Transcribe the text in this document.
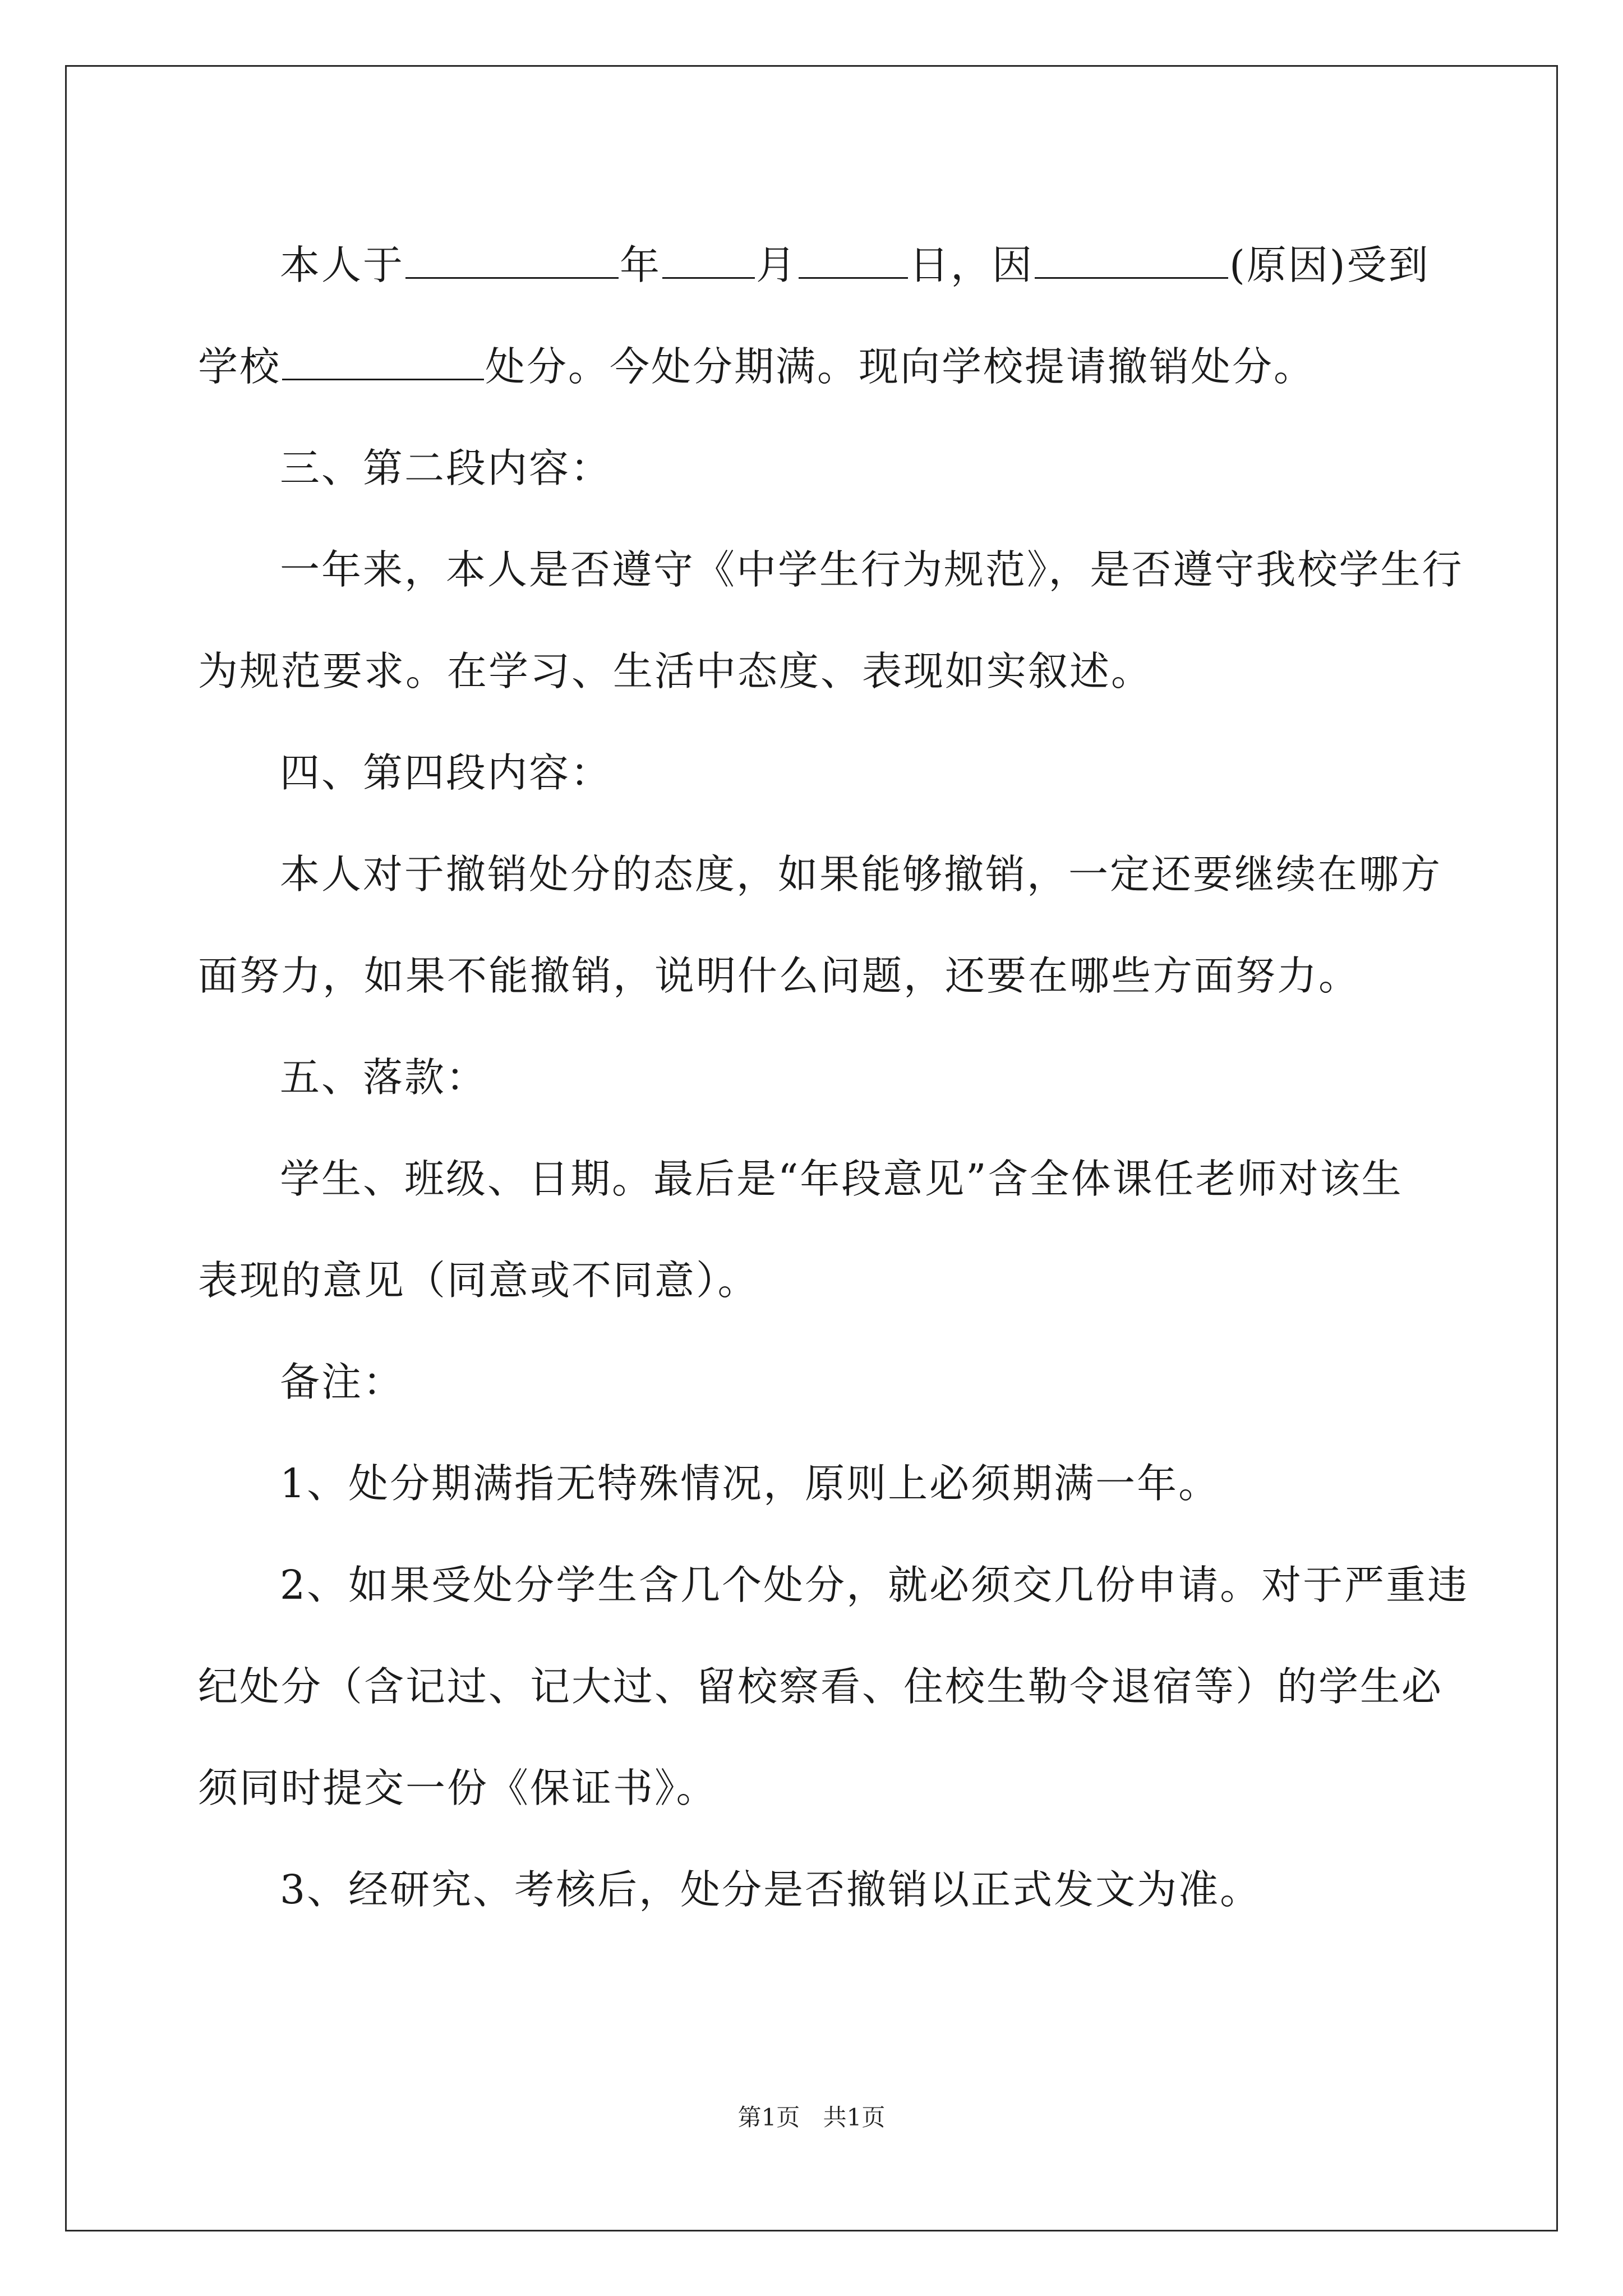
本人于	年 月	日，因	(原因)受到
学校	处分。今处分期满。现向学校提请撤销处分。
三、第二段内容：
一年来，本人是否遵守《中学生行为规范》，是否遵守我校学生行
为规范要求。在学习、生活中态度、表现如实叙述。
四、第四段内容：
本人对于撤销处分的态度，如果能够撤销，一定还要继续在哪方
面努力，如果不能撤销，说明什么问题，还要在哪些方面努力。
五、落款：
学生、班级、日期。最后是“年段意见”含全体课任老师对该生
表现的意见（同意或不同意）。
备注：
1、处分期满指无特殊情况，原则上必须期满一年。
2、如果受处分学生含几个处分，就必须交几份申请。对于严重违
纪处分（含记过、记大过、留校察看、住校生勒令退宿等）的学生必
须同时提交一份《保证书》。
3、经研究、考核后，处分是否撤销以正式发文为准。
第1页 共1页
